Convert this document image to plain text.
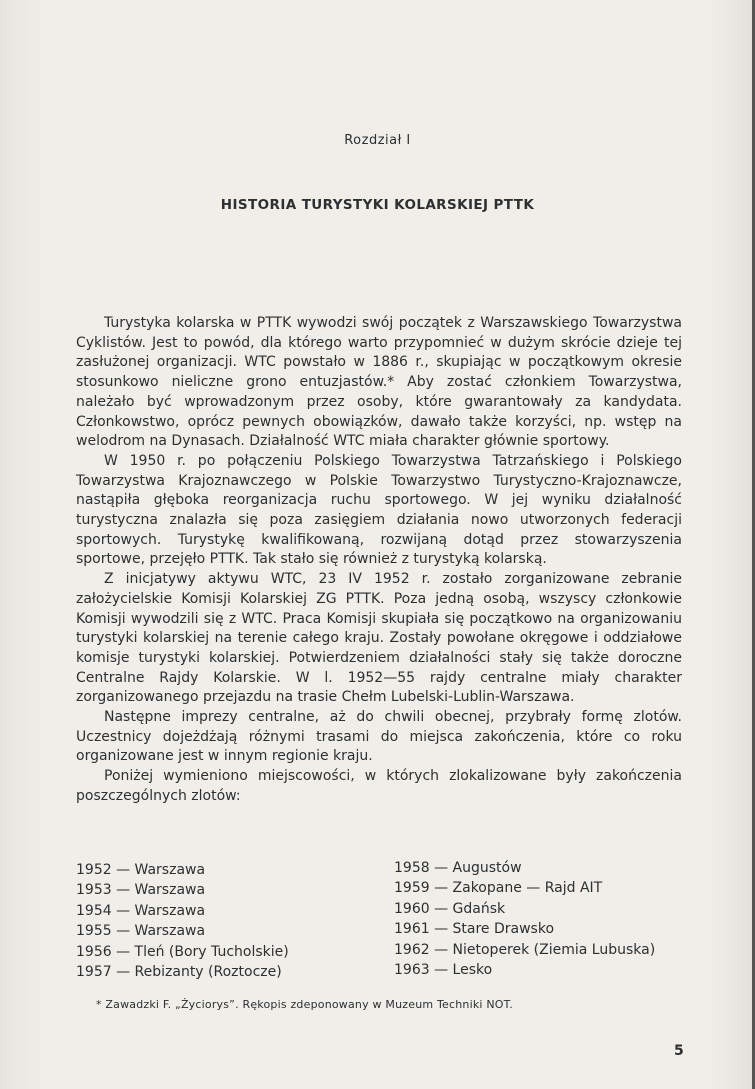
Rozdział I
HISTORIA TURYSTYKI KOLARSKIEJ PTTK

Turystyka kolarska w PTTK wywodzi swój początek z Warszawskiego Towarzystwa Cyklistów. Jest to powód, dla którego warto przypomnieć w dużym skrócie dzieje tej zasłużonej organizacji. WTC powstało w 1886 r., skupiając w początkowym okresie stosunkowo nieliczne grono entuzjastów.* Aby zostać członkiem Towarzystwa, należało być wprowadzonym przez osoby, które gwarantowały za kandydata. Członkowstwo, oprócz pewnych obowiązków, dawało także korzyści, np. wstęp na welodrom na Dynasach. Działalność WTC miała charakter głównie sportowy.

W 1950 r. po połączeniu Polskiego Towarzystwa Tatrzańskiego i Polskiego Towarzystwa Krajoznawczego w Polskie Towarzystwo Turystyczno-Krajoznawcze, nastąpiła głęboka reorganizacja ruchu sportowego. W jej wyniku działalność turystyczna znalazła się poza zasięgiem działania nowo utworzonych federacji sportowych. Turystykę kwalifikowaną, rozwijaną dotąd przez stowarzyszenia sportowe, przejęło PTTK. Tak stało się również z turystyką kolarską.

Z inicjatywy aktywu WTC, 23 IV 1952 r. zostało zorganizowane zebranie założycielskie Komisji Kolarskiej ZG PTTK. Poza jedną osobą, wszyscy członkowie Komisji wywodzili się z WTC. Praca Komisji skupiała się początkowo na organizowaniu turystyki kolarskiej na terenie całego kraju. Zostały powołane okręgowe i oddziałowe komisje turystyki kolarskiej. Potwierdzeniem działalności stały się także doroczne Centralne Rajdy Kolarskie. W l. 1952—55 rajdy centralne miały charakter zorganizowanego przejazdu na trasie Chełm Lubelski-Lublin-Warszawa.

Następne imprezy centralne, aż do chwili obecnej, przybrały formę zlotów. Uczestnicy dojeżdżają różnymi trasami do miejsca zakończenia, które co roku organizowane jest w innym regionie kraju.

Poniżej wymieniono miejscowości, w których zlokalizowane były zakończenia poszczególnych zlotów:

1952 — Warszawa
1953 — Warszawa
1954 — Warszawa
1955 — Warszawa
1956 — Tleń (Bory Tucholskie)
1957 — Rebizanty (Roztocze)
1958 — Augustów
1959 — Zakopane — Rajd AIT
1960 — Gdańsk
1961 — Stare Drawsko
1962 — Nietoperek (Ziemia Lubuska)
1963 — Lesko
* Zawadzki F. „Życiorys”. Rękopis zdeponowany w Muzeum Techniki NOT.
5
